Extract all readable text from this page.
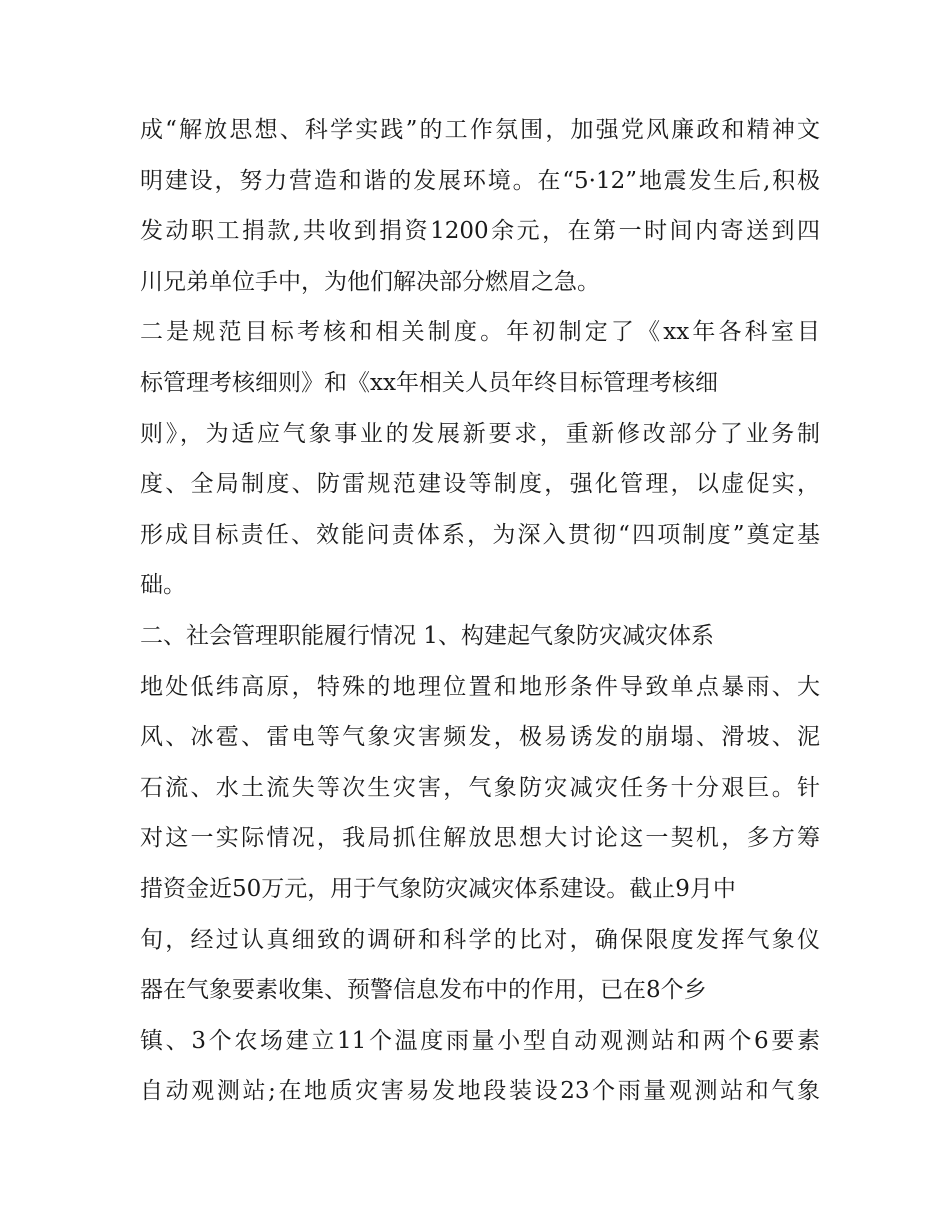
成“解放思想、科学实践”的工作氛围，加强党风廉政和精神文
明建设，努力营造和谐的发展环境。在“5·12”地震发生后,积极
发动职工捐款,共收到捐资1200余元，在第一时间内寄送到四
川兄弟单位手中，为他们解决部分燃眉之急。
二是规范目标考核和相关制度。年初制定了《xx年各科室目
标管理考核细则》和《xx年相关人员年终目标管理考核细
则》，为适应气象事业的发展新要求，重新修改部分了业务制
度、全局制度、防雷规范建设等制度，强化管理，以虚促实，
形成目标责任、效能问责体系，为深入贯彻“四项制度”奠定基
础。
二、社会管理职能履行情况 1、构建起气象防灾减灾体系
地处低纬高原，特殊的地理位置和地形条件导致单点暴雨、大
风、冰雹、雷电等气象灾害频发，极易诱发的崩塌、滑坡、泥
石流、水土流失等次生灾害，气象防灾减灾任务十分艰巨。针
对这一实际情况，我局抓住解放思想大讨论这一契机，多方筹
措资金近50万元，用于气象防灾减灾体系建设。截止9月中
旬，经过认真细致的调研和科学的比对，确保限度发挥气象仪
器在气象要素收集、预警信息发布中的作用，已在8个乡
镇、3个农场建立11个温度雨量小型自动观测站和两个6要素
自动观测站;在地质灾害易发地段装设23个雨量观测站和气象
